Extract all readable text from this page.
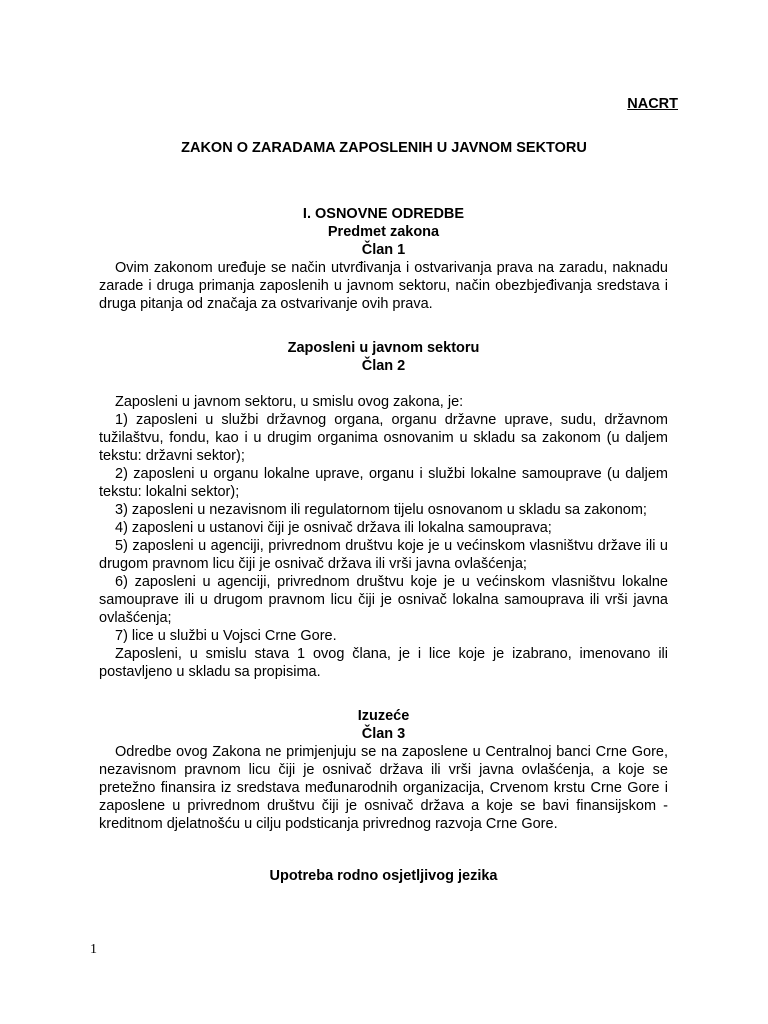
NACRT
ZAKON O ZARADAMA ZAPOSLENIH U JAVNOM SEKTORU
I. OSNOVNE ODREDBE
Predmet zakona
Član 1
Ovim zakonom uređuje se način utvrđivanja i ostvarivanja prava na zaradu, naknadu zarade i druga primanja zaposlenih u javnom sektoru, način obezbjeđivanja sredstava i druga pitanja od značaja za ostvarivanje ovih prava.
Zaposleni u javnom sektoru
Član 2
Zaposleni u javnom sektoru, u smislu ovog zakona, je:
1) zaposleni u službi državnog organa, organu državne uprave, sudu, državnom tužilaštvu, fondu, kao i u drugim organima osnovanim u skladu sa zakonom (u daljem tekstu: državni sektor);
2) zaposleni u organu lokalne uprave, organu i službi lokalne samouprave (u daljem tekstu: lokalni sektor);
3) zaposleni u nezavisnom ili regulatornom tijelu osnovanom u skladu sa zakonom;
4) zaposleni u ustanovi čiji je osnivač država ili lokalna samouprava;
5) zaposleni u agenciji, privrednom društvu koje je u većinskom vlasništvu države ili u drugom pravnom licu čiji je osnivač država ili vrši javna ovlašćenja;
6) zaposleni u agenciji, privrednom društvu koje je u većinskom vlasništvu lokalne samouprave ili u drugom pravnom licu čiji je osnivač lokalna samouprava ili vrši javna ovlašćenja;
7) lice u službi u Vojsci Crne Gore.
Zaposleni, u smislu stava 1 ovog člana, je i lice koje je izabrano, imenovano ili postavljeno u skladu sa propisima.
Izuzeće
Član 3
Odredbe ovog Zakona ne primjenjuju se na zaposlene u Centralnoj banci Crne Gore, nezavisnom pravnom licu čiji je osnivač država ili vrši javna ovlašćenja, a koje se pretežno finansira iz sredstava međunarodnih organizacija, Crvenom krstu Crne Gore i zaposlene u privrednom društvu čiji je osnivač država a koje se bavi finansijskom - kreditnom djelatnošću u cilju podsticanja privrednog razvoja Crne Gore.
Upotreba rodno osjetljivog jezika
1
